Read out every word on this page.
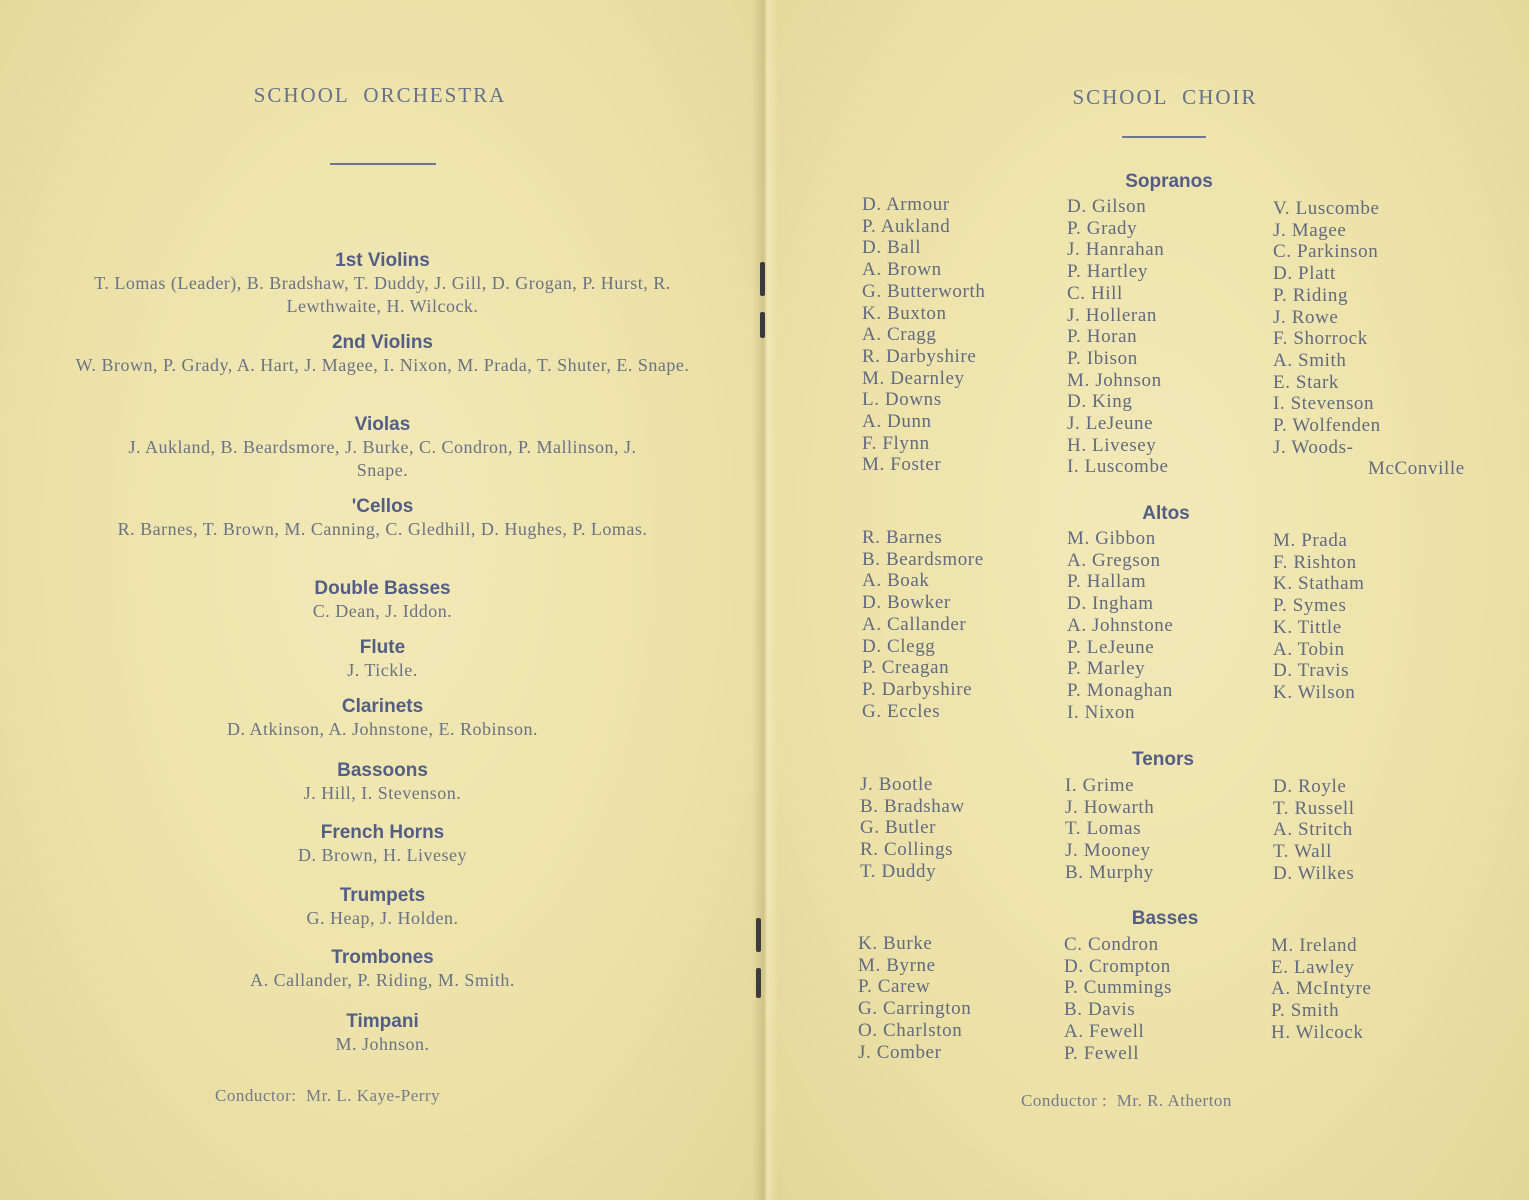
SCHOOL  ORCHESTRA
1st Violins
T. Lomas (Leader), B. Bradshaw, T. Duddy, J. Gill, D. Grogan, P. Hurst, R. Lewthwaite, H. Wilcock.
2nd Violins
W. Brown, P. Grady, A. Hart, J. Magee, I. Nixon, M. Prada, T. Shuter, E. Snape.
Violas
J. Aukland, B. Beardsmore, J. Burke, C. Condron, P. Mallinson, J. Snape.
'Cellos
R. Barnes, T. Brown, M. Canning, C. Gledhill, D. Hughes, P. Lomas.
Double Basses
C. Dean, J. Iddon.
Flute
J. Tickle.
Clarinets
D. Atkinson, A. Johnstone, E. Robinson.
Bassoons
J. Hill, I. Stevenson.
French Horns
D. Brown, H. Livesey
Trumpets
G. Heap, J. Holden.
Trombones
A. Callander, P. Riding, M. Smith.
Timpani
M. Johnson.
Conductor:  Mr. L. Kaye-Perry
SCHOOL  CHOIR
Sopranos
D. Armour
P. Aukland
D. Ball
A. Brown
G. Butterworth
K. Buxton
A. Cragg
R. Darbyshire
M. Dearnley
L. Downs
A. Dunn
F. Flynn
M. Foster
D. Gilson
P. Grady
J. Hanrahan
P. Hartley
C. Hill
J. Holleran
P. Horan
P. Ibison
M. Johnson
D. King
J. LeJeune
H. Livesey
I. Luscombe
V. Luscombe
J. Magee
C. Parkinson
D. Platt
P. Riding
J. Rowe
F. Shorrock
A. Smith
E. Stark
I. Stevenson
P. Wolfenden
J. Woods-
McConville
Altos
R. Barnes
B. Beardsmore
A. Boak
D. Bowker
A. Callander
D. Clegg
P. Creagan
P. Darbyshire
G. Eccles
M. Gibbon
A. Gregson
P. Hallam
D. Ingham
A. Johnstone
P. LeJeune
P. Marley
P. Monaghan
I. Nixon
M. Prada
F. Rishton
K. Statham
P. Symes
K. Tittle
A. Tobin
D. Travis
K. Wilson
Tenors
J. Bootle
B. Bradshaw
G. Butler
R. Collings
T. Duddy
I. Grime
J. Howarth
T. Lomas
J. Mooney
B. Murphy
D. Royle
T. Russell
A. Stritch
T. Wall
D. Wilkes
Basses
K. Burke
M. Byrne
P. Carew
G. Carrington
O. Charlston
J. Comber
C. Condron
D. Crompton
P. Cummings
B. Davis
A. Fewell
P. Fewell
M. Ireland
E. Lawley
A. McIntyre
P. Smith
H. Wilcock
Conductor :  Mr. R. Atherton
